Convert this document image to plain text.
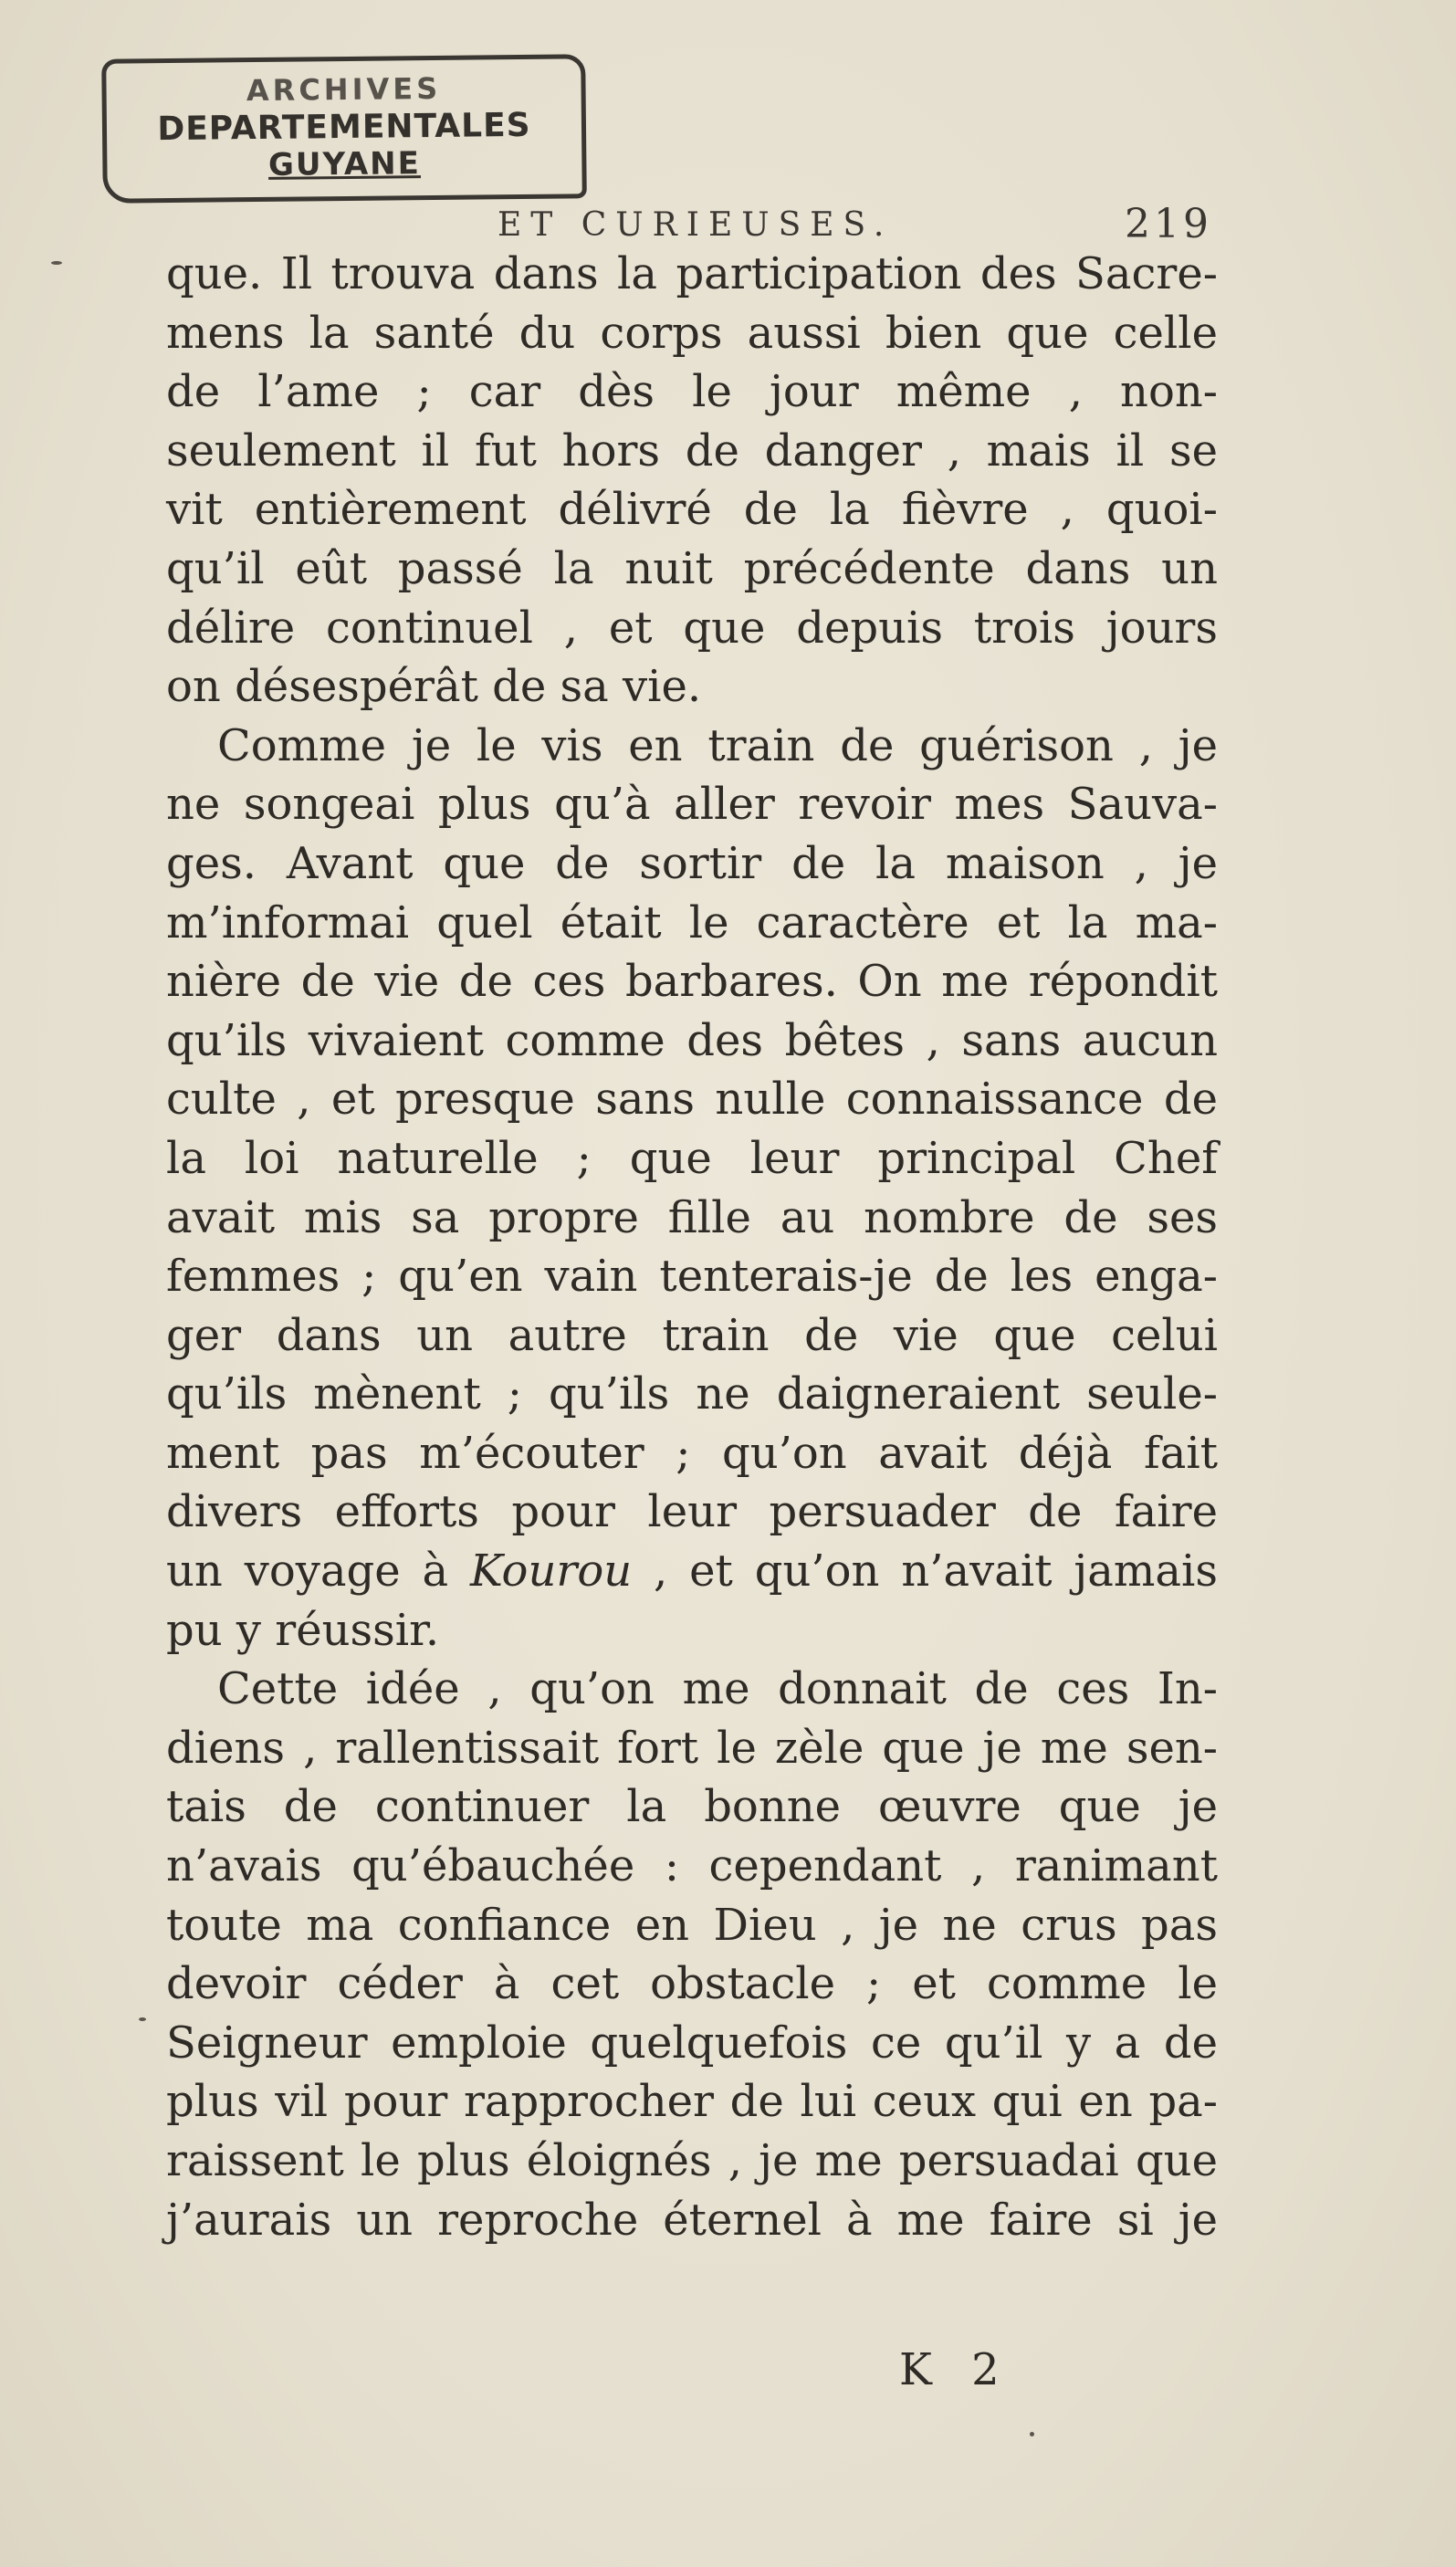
ARCHIVES
DEPARTEMENTALES
GUYANE
ET CURIEUSES.	219
que. Il trouva dans la participation des Sacre-
mens la santé du corps aussi bien que celle
de l’ame ; car dès le jour même , non-
seulement il fut hors de danger , mais il se
vit entièrement délivré de la fièvre , quoi-
qu’il eût passé la nuit précédente dans un
délire continuel , et que depuis trois jours
on désespérât de sa vie.
Comme je le vis en train de guérison , je
ne songeai plus qu’à aller revoir mes Sauva-
ges. Avant que de sortir de la maison , je
m’informai quel était le caractère et la ma-
nière de vie de ces barbares. On me répondit
qu’ils vivaient comme des bêtes , sans aucun
culte , et presque sans nulle connaissance de
la loi naturelle ; que leur principal Chef
avait mis sa propre fille au nombre de ses
femmes ; qu’en vain tenterais-je de les enga-
ger dans un autre train de vie que celui
qu’ils mènent ; qu’ils ne daigneraient seule-
ment pas m’écouter ; qu’on avait déjà fait
divers efforts pour leur persuader de faire
un voyage à Kourou , et qu’on n’avait jamais
pu y réussir.
Cette idée , qu’on me donnait de ces In-
diens , rallentissait fort le zèle que je me sen-
tais de continuer la bonne œuvre que je
n’avais qu’ébauchée : cependant , ranimant
toute ma confiance en Dieu , je ne crus pas
devoir céder à cet obstacle ; et comme le
Seigneur emploie quelquefois ce qu’il y a de
plus vil pour rapprocher de lui ceux qui en pa-
raissent le plus éloignés , je me persuadai que
j’aurais un reproche éternel à me faire si je
K 2
